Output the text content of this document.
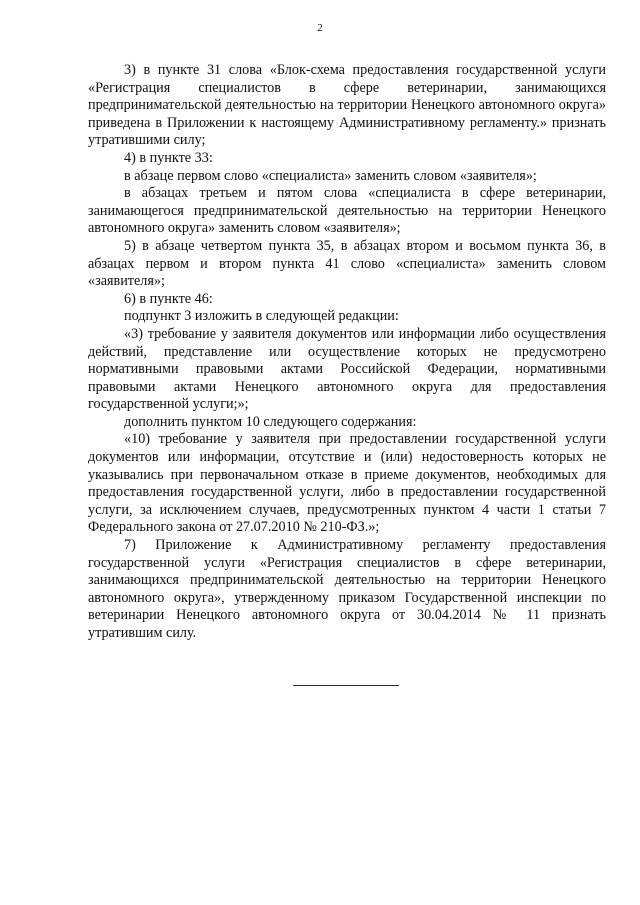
2

3) в пункте 31 слова «Блок-схема предоставления государственной услуги «Регистрация специалистов в сфере ветеринарии, занимающихся предпринимательской деятельностью на территории Ненецкого автономного округа» приведена в Приложении к настоящему Административному регламенту.» признать утратившими силу;

4) в пункте 33:

в абзаце первом слово «специалиста» заменить словом «заявителя»;

в абзацах третьем и пятом слова «специалиста в сфере ветеринарии, занимающегося предпринимательской деятельностью на территории Ненецкого автономного округа» заменить словом «заявителя»;

5) в абзаце четвертом пункта 35, в абзацах втором и восьмом пункта 36, в абзацах первом и втором пункта 41 слово «специалиста» заменить словом «заявителя»;

6) в пункте 46:

подпункт 3 изложить в следующей редакции:

«3) требование у заявителя документов или информации либо осуществления действий, представление или осуществление которых не предусмотрено нормативными правовыми актами Российской Федерации, нормативными правовыми актами Ненецкого автономного округа для предоставления государственной услуги;»;

дополнить пунктом 10 следующего содержания:

«10) требование у заявителя при предоставлении государственной услуги документов или информации, отсутствие и (или) недостоверность которых не указывались при первоначальном отказе в приеме документов, необходимых для предоставления государственной услуги, либо в предоставлении государственной услуги, за исключением случаев, предусмотренных пунктом 4 части 1 статьи 7 Федерального закона от 27.07.2010 № 210-ФЗ.»;

7) Приложение к Административному регламенту предоставления государственной услуги «Регистрация специалистов в сфере ветеринарии, занимающихся предпринимательской деятельностью на территории Ненецкого автономного округа», утвержденному приказом Государственной инспекции по ветеринарии Ненецкого автономного округа от 30.04.2014 № 11 признать утратившим силу.
